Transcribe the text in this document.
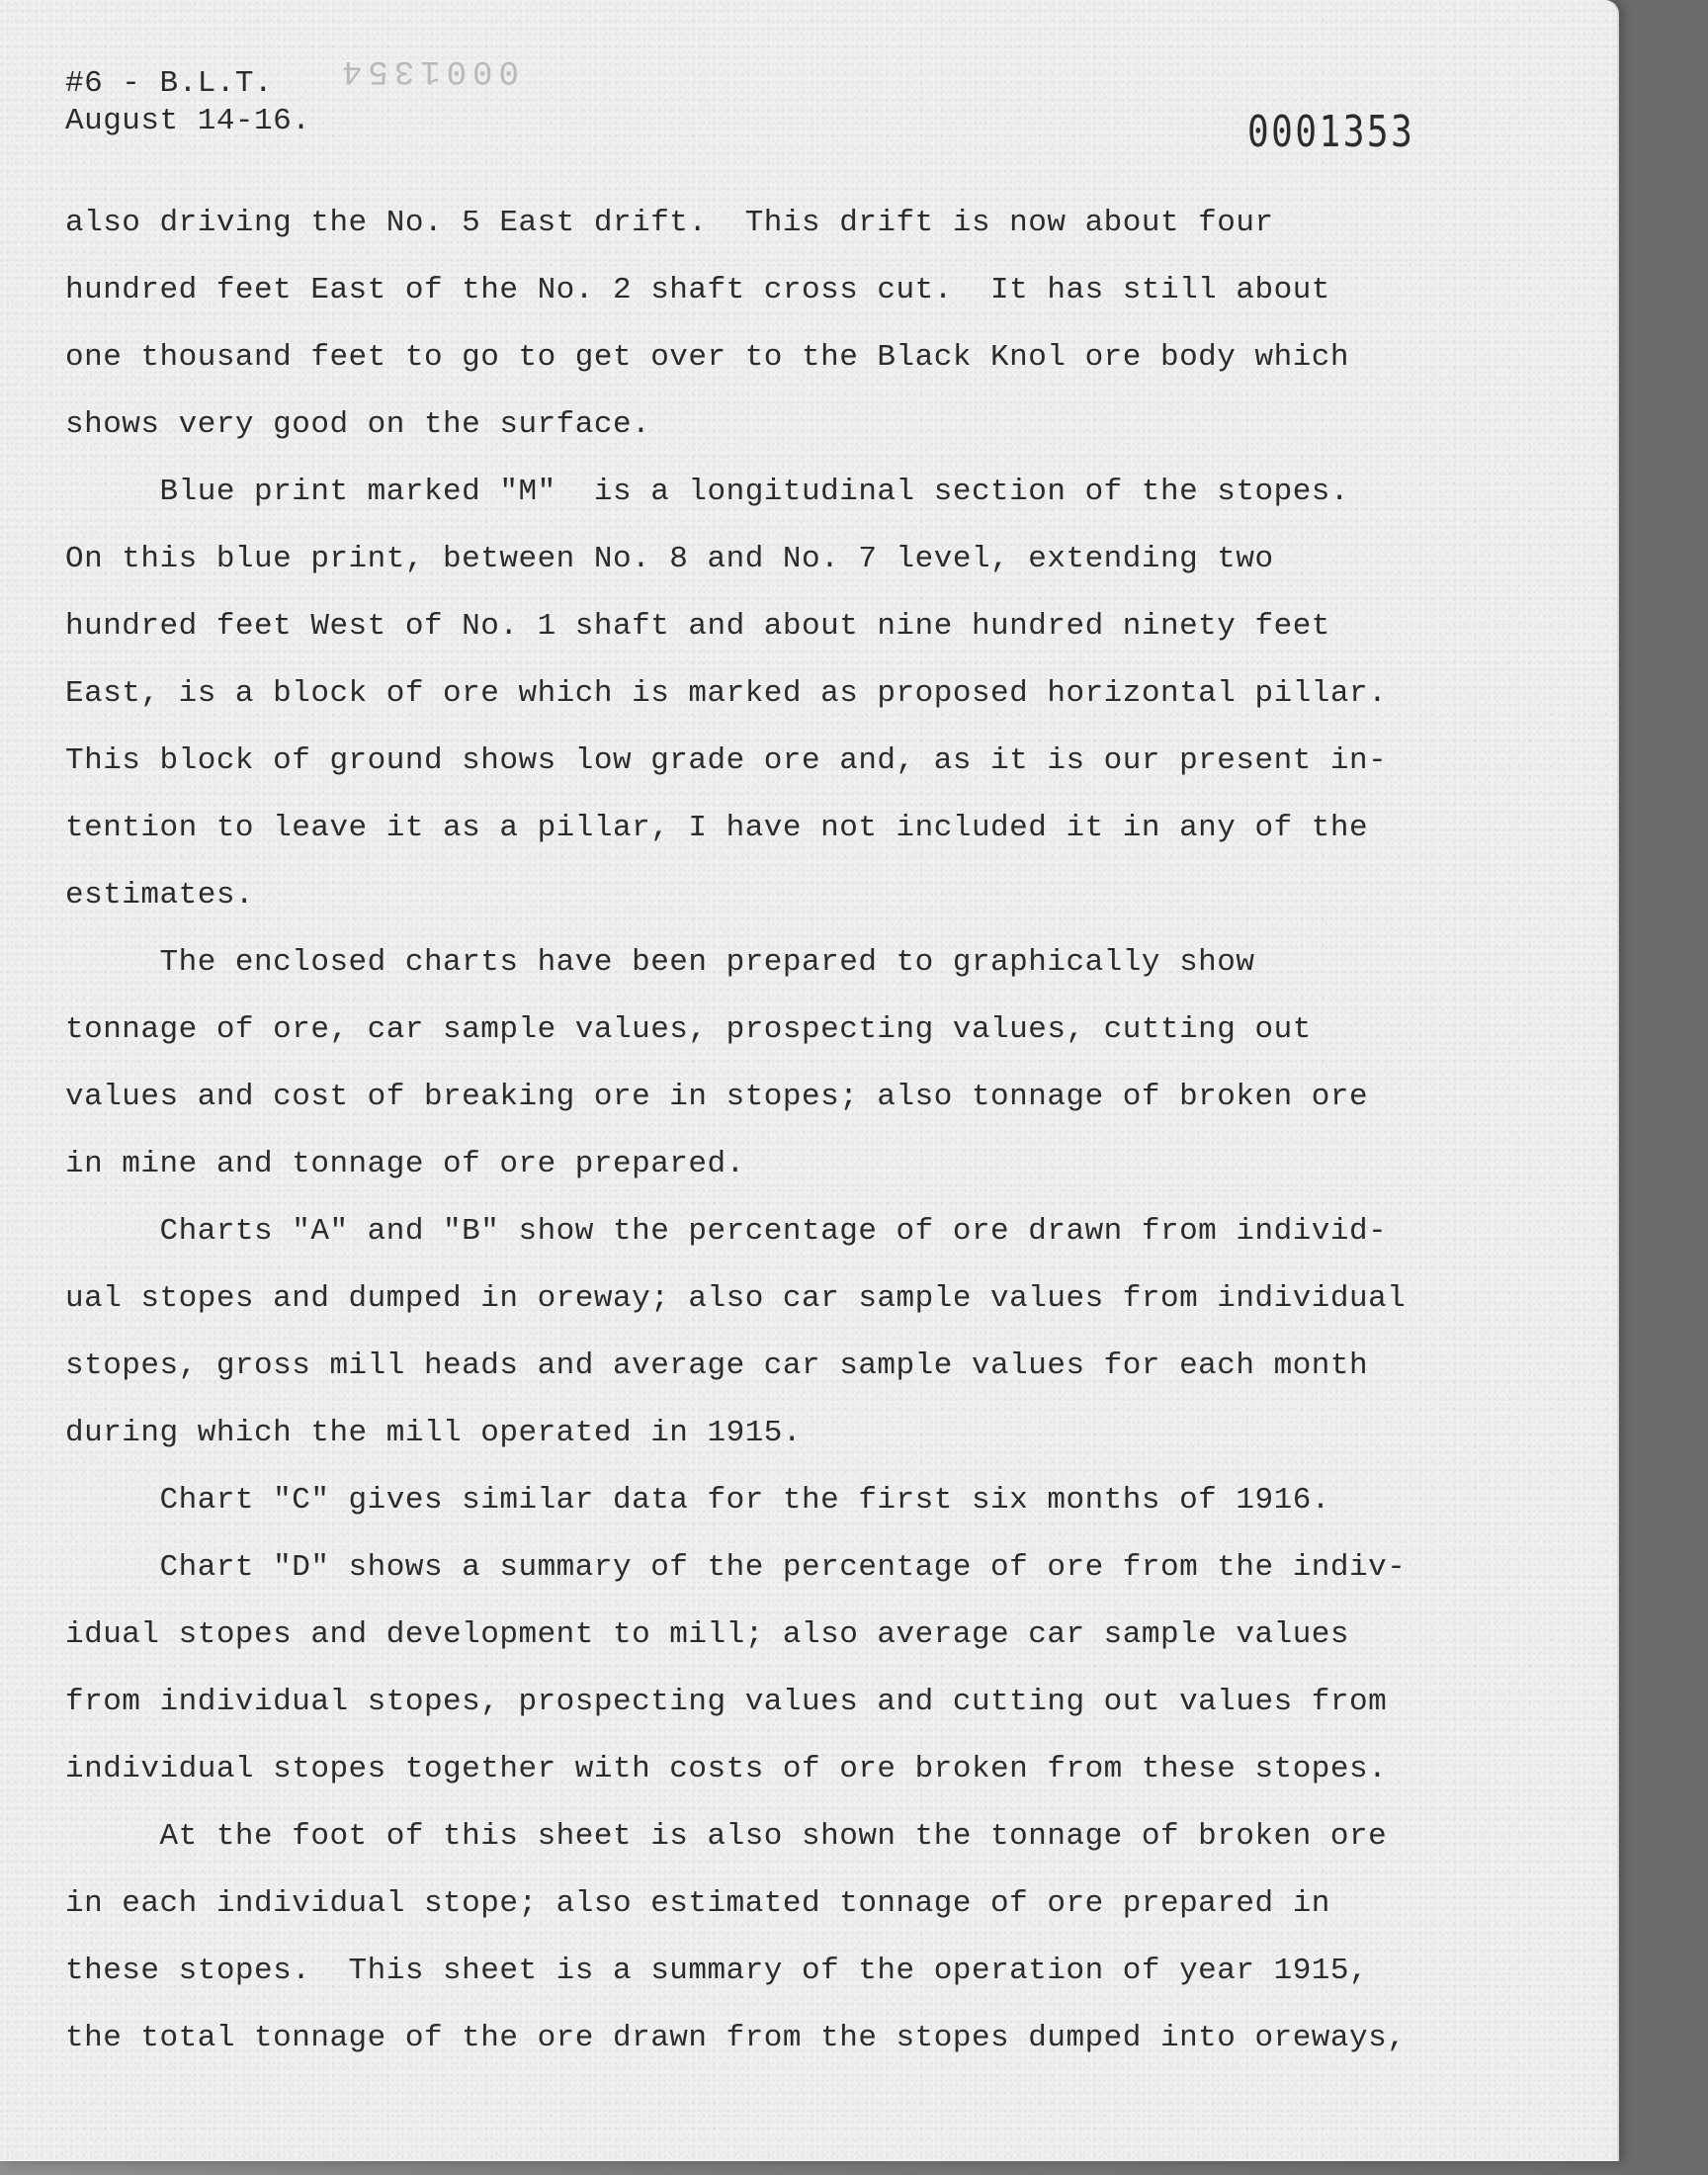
#6 - B.L.T.
August 14-16.
0001354
0001353
also driving the No. 5 East drift.  This drift is now about four
hundred feet East of the No. 2 shaft cross cut.  It has still about
one thousand feet to go to get over to the Black Knol ore body which
shows very good on the surface.
Blue print marked "M"  is a longitudinal section of the stopes.
On this blue print, between No. 8 and No. 7 level, extending two
hundred feet West of No. 1 shaft and about nine hundred ninety feet
East, is a block of ore which is marked as proposed horizontal pillar.
This block of ground shows low grade ore and, as it is our present in-
tention to leave it as a pillar, I have not included it in any of the
estimates.
The enclosed charts have been prepared to graphically show
tonnage of ore, car sample values, prospecting values, cutting out
values and cost of breaking ore in stopes; also tonnage of broken ore
in mine and tonnage of ore prepared.
Charts "A" and "B" show the percentage of ore drawn from individ-
ual stopes and dumped in oreway; also car sample values from individual
stopes, gross mill heads and average car sample values for each month
during which the mill operated in 1915.
Chart "C" gives similar data for the first six months of 1916.
Chart "D" shows a summary of the percentage of ore from the indiv-
idual stopes and development to mill; also average car sample values
from individual stopes, prospecting values and cutting out values from
individual stopes together with costs of ore broken from these stopes.
At the foot of this sheet is also shown the tonnage of broken ore
in each individual stope; also estimated tonnage of ore prepared in
these stopes.  This sheet is a summary of the operation of year 1915,
the total tonnage of the ore drawn from the stopes dumped into oreways,
